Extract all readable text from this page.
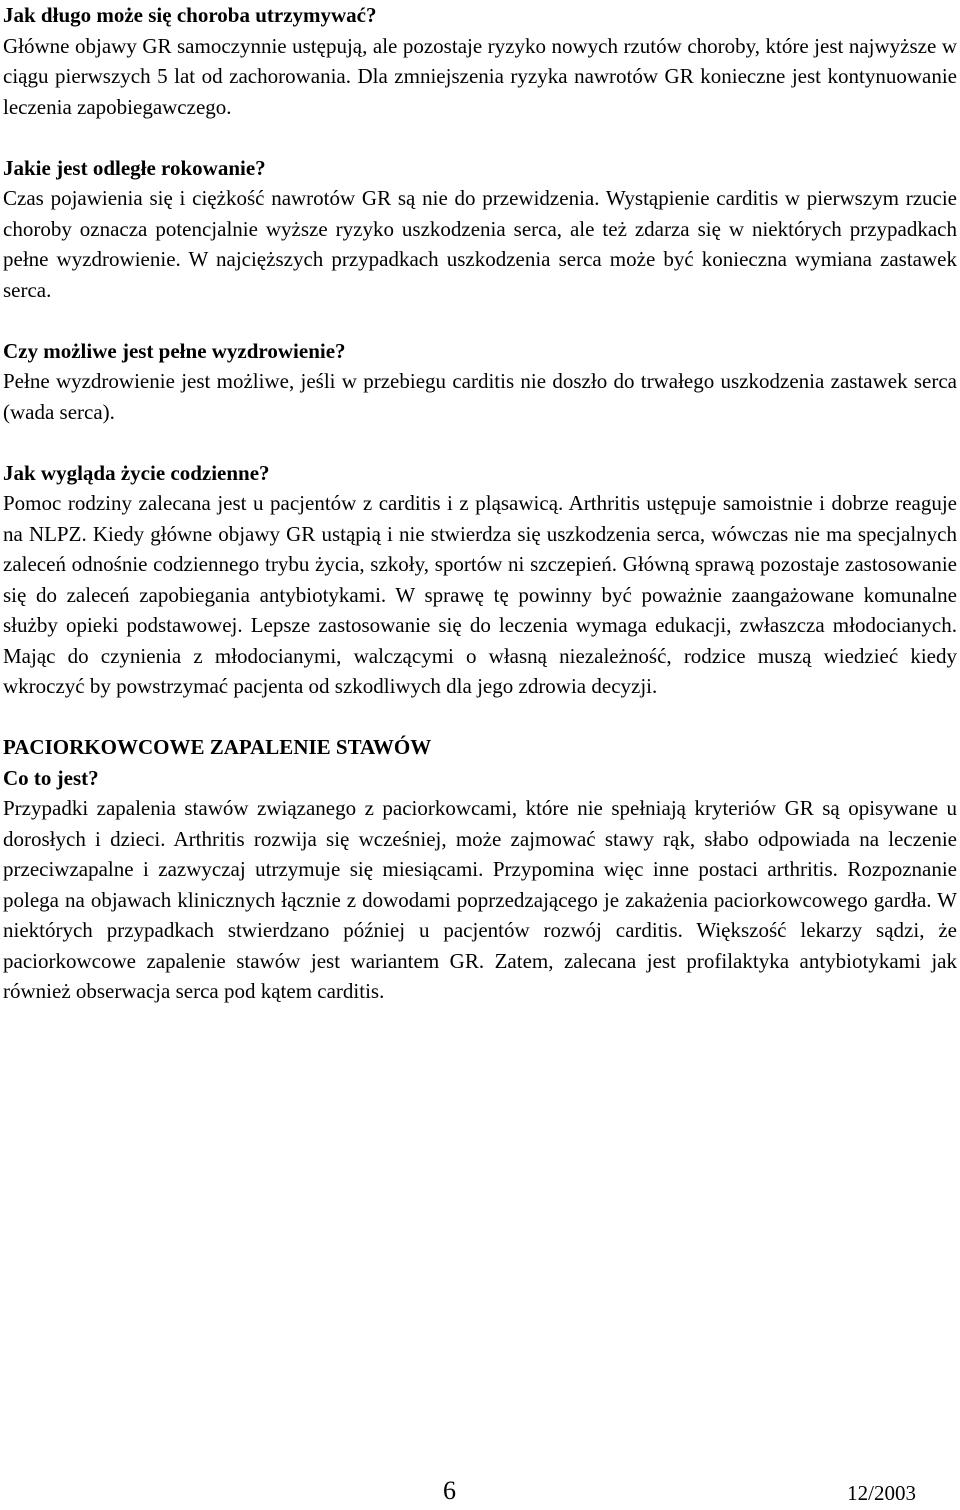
Jak długo może się choroba utrzymywać?

Główne objawy GR samoczynnie ustępują, ale pozostaje ryzyko nowych rzutów choroby, które jest najwyższe w ciągu pierwszych 5 lat od zachorowania. Dla zmniejszenia ryzyka nawrotów GR konieczne jest kontynuowanie leczenia zapobiegawczego.

Jakie jest odległe rokowanie?

Czas pojawienia się i ciężkość nawrotów GR są nie do przewidzenia. Wystąpienie carditis w pierwszym rzucie choroby oznacza potencjalnie wyższe ryzyko uszkodzenia serca, ale też zdarza się w niektórych przypadkach pełne wyzdrowienie. W najcięższych przypadkach uszkodzenia serca może być konieczna wymiana zastawek serca.

Czy możliwe jest pełne wyzdrowienie?

Pełne wyzdrowienie jest możliwe, jeśli w przebiegu carditis nie doszło do trwałego uszkodzenia zastawek serca (wada serca).

Jak wygląda życie codzienne?

Pomoc rodziny zalecana jest u pacjentów z carditis i z pląsawicą. Arthritis ustępuje samoistnie i dobrze reaguje na NLPZ. Kiedy główne objawy GR ustąpią i nie stwierdza się uszkodzenia serca, wówczas nie ma specjalnych zaleceń odnośnie codziennego trybu życia, szkoły, sportów ni szczepień. Główną sprawą pozostaje zastosowanie się do zaleceń zapobiegania antybiotykami. W sprawę tę powinny być poważnie zaangażowane komunalne służby opieki podstawowej. Lepsze zastosowanie się do leczenia wymaga edukacji, zwłaszcza młodocianych. Mając do czynienia z młodocianymi, walczącymi o własną niezależność, rodzice muszą wiedzieć kiedy wkroczyć by powstrzymać pacjenta od szkodliwych dla jego zdrowia decyzji.

PACIORKOWCOWE ZAPALENIE STAWÓW

Co to jest?

Przypadki zapalenia stawów związanego z paciorkowcami, które nie spełniają kryteriów GR są opisywane u dorosłych i dzieci. Arthritis rozwija się wcześniej, może zajmować stawy rąk, słabo odpowiada na leczenie przeciwzapalne i zazwyczaj utrzymuje się miesiącami. Przypomina więc inne postaci arthritis. Rozpoznanie polega na objawach klinicznych łącznie z dowodami poprzedzającego je zakażenia paciorkowcowego gardła. W niektórych przypadkach stwierdzano później u pacjentów rozwój carditis. Większość lekarzy sądzi, że paciorkowcowe zapalenie stawów jest wariantem GR. Zatem, zalecana jest profilaktyka antybiotykami jak również obserwacja serca pod kątem carditis.

6	12/2003
